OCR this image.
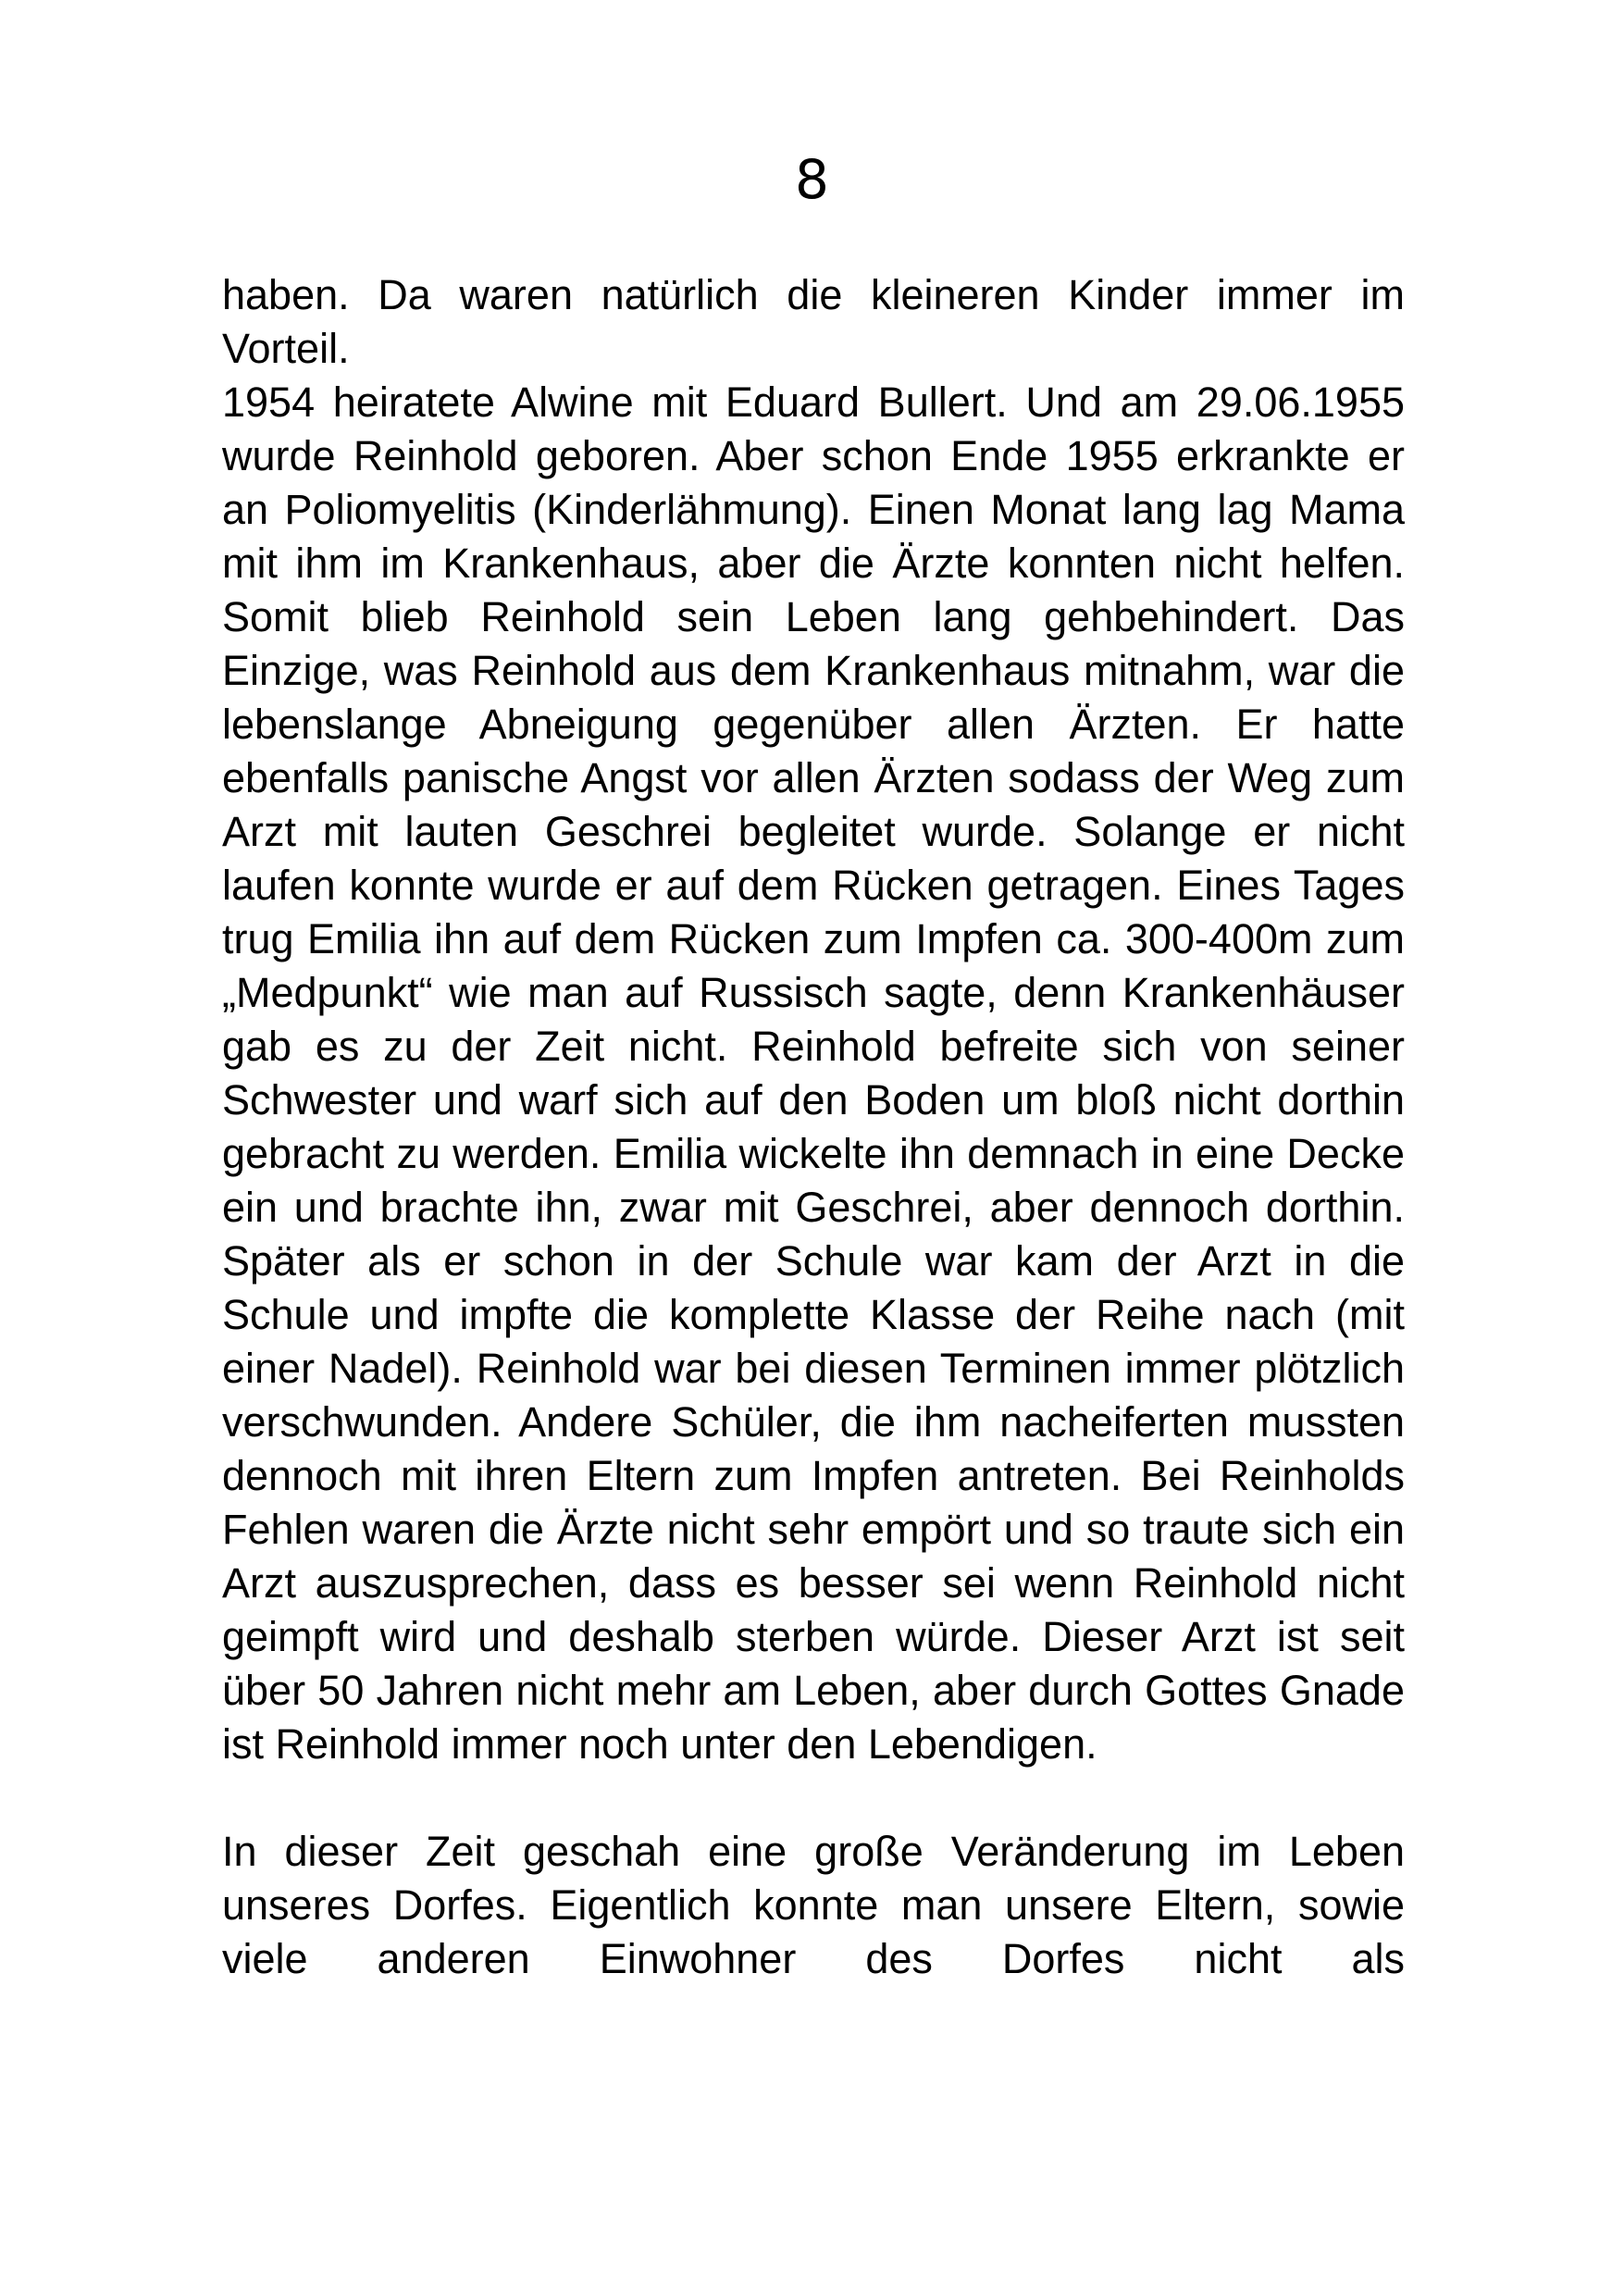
8

haben. Da waren natürlich die kleineren Kinder immer im Vorteil.

1954 heiratete Alwine mit Eduard Bullert. Und am 29.06.1955 wurde Reinhold geboren. Aber schon Ende 1955 erkrankte er an Poliomyelitis (Kinderlähmung). Einen Monat lang lag Mama mit ihm im Krankenhaus, aber die Ärzte konnten nicht helfen. Somit blieb Reinhold sein Leben lang gehbehindert. Das Einzige, was Reinhold aus dem Krankenhaus mitnahm, war die lebenslange Abneigung gegenüber allen Ärzten. Er hatte ebenfalls panische Angst vor allen Ärzten sodass der Weg zum Arzt mit lauten Geschrei begleitet wurde. Solange er nicht laufen konnte wurde er auf dem Rücken getragen. Eines Tages trug Emilia ihn auf dem Rücken zum Impfen ca. 300-400m zum „Medpunkt“ wie man auf Russisch sagte, denn Krankenhäuser gab es zu der Zeit nicht. Reinhold befreite sich von seiner Schwester und warf sich auf den Boden um bloß nicht dorthin gebracht zu werden. Emilia wickelte ihn demnach in eine Decke ein und brachte ihn, zwar mit Geschrei, aber dennoch dorthin. Später als er schon in der Schule war kam der Arzt in die Schule und impfte die komplette Klasse der Reihe nach (mit einer Nadel). Reinhold war bei diesen Terminen immer plötzlich verschwunden. Andere Schüler, die ihm nacheiferten mussten dennoch mit ihren Eltern zum Impfen antreten. Bei Reinholds Fehlen waren die Ärzte nicht sehr empört und so traute sich ein Arzt auszusprechen, dass es besser sei wenn Reinhold nicht geimpft wird und deshalb sterben würde. Dieser Arzt ist seit über 50 Jahren nicht mehr am Leben, aber durch Gottes Gnade ist Reinhold immer noch unter den Lebendigen.

In dieser Zeit geschah eine große Veränderung im Leben unseres Dorfes. Eigentlich konnte man unsere Eltern, sowie viele anderen Einwohner des Dorfes nicht als
